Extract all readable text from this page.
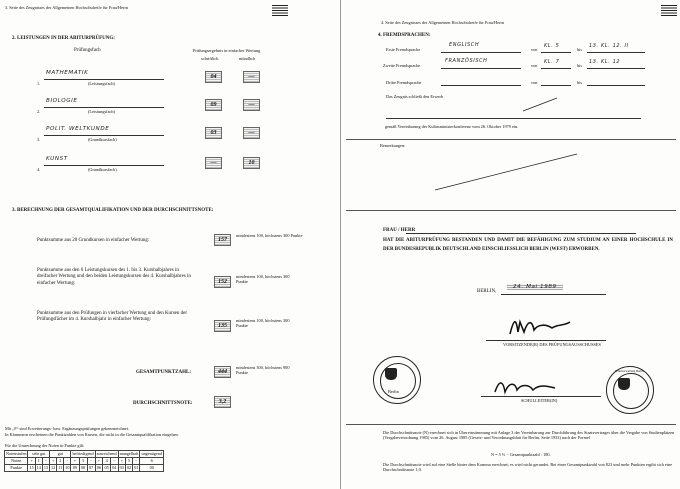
3. Seite des Zeugnisses der Allgemeinen Hochschulreife für Frau/Herrn
2. LEISTUNGEN IN DER ABITURPRÜFUNG:
Prüfungsfach	Prüfungsergebnis in einfacher Wertung
schriftlich	mündlich
1.
MATHEMATIK
(Leistungsfach)
04	—
2.
BIOLOGIE
(Leistungsfach)
09	—
3.
POLIT. WELTKUNDE
(Grundkursfach)
03	—
4.
KUNST
(Grundkursfach)
—	10
3. BERECHNUNG DER GESAMTQUALIFIKATION UND DER DURCHSCHNITTSNOTE:
Punktsumme aus 20 Grundkursen in einfacher Wertung:	157
mindestens 100, höchstens 300 Punkte
Punktsumme aus den 6 Leistungskursen des 1. bis 3. Kurshalbjahres in dreifacher Wertung und den beiden Leistungskursen des 4. Kurshalbjahres in einfacher Wertung:	152
mindestens 100, höchstens 300 Punkte
Punktsumme aus den Prüfungen in vierfacher Wertung und den Kursen der Prüfungsfächer im 4. Kurshalbjahr in einfacher Wertung:
135
mindestens 100, höchstens 300 Punkte
GESAMTPUNKTZAHL:	444
mindestens 300, höchstens 900 Punkte
DURCHSCHNITTSNOTE:	3,2
Mit „F“ sind Erweiterungs- bzw. Ergänzungsprüfungen gekennzeichnet.
In Klammern erscheinen die Punktzahlen von Kursen, die nicht in die Gesamtqualifikation eingehen.
Für die Umrechnung der Noten in Punkte gilt:
Notenstufen	sehr gut			gut			befriedigend			ausreichend			mangelhaft			ungenügend
Noten	+	1	−	+	2	−	+	3	−	+	4	−	+	5	−	6
Punkte	15	14	13	12	11	10	09	08	07	06	05	04	03	02	01	00
4. Seite des Zeugnisses der Allgemeinen Hochschulreife für Frau/Herrn
4. FREMDSPRACHEN:
Erste Fremdsprache
ENGLISCH
von
KL. 5
bis
13. KL. 12. II
Zweite Fremdsprache
FRANZÖSISCH
von
KL. 7
bis
13. KL. 12
Dritte Fremdsprache	von	bis
Das Zeugnis schließt den Erwerb
gemäß Vereinbarung der Kultusministerkonferenz vom 26. Oktober 1979 ein.
Bemerkungen:
FRAU / HERR
HAT DIE ABITURPRÜFUNG BESTANDEN UND DAMIT DIE BEFÄHIGUNG ZUM STUDIUM AN EINER HOCHSCHULE IN DER BUNDESREPUBLIK DEUTSCHLAND EINSCHLIESSLICH BERLIN (WEST) ERWORBEN.
BERLIN,
24. Mai 1989
VORSITZENDE(R) DES PRÜFUNGSAUSSCHUSSES
Berlin
SCHULLEITER(IN)
Schulverwaltung Berlin
Die Durchschnittsnote (N) errechnet sich in Übereinstimmung mit Anlage 3 der Vereinbarung zur Durchführung des Staatsvertrages über die Vergabe von Studienplätzen (Vergabeverordnung 1985) vom 26. August 1985 (Gesetz- und Verordnungsblatt für Berlin, Seite 1933) nach der Formel
N = 5 ⅔ − Gesamtpunktzahl : 180.
Die Durchschnittsnote wird auf eine Stelle hinter dem Komma errechnet; es wird nicht gerundet. Bei einer Gesamtpunktzahl von 823 und mehr Punkten ergibt sich eine Durchschnittsnote 1,0.
